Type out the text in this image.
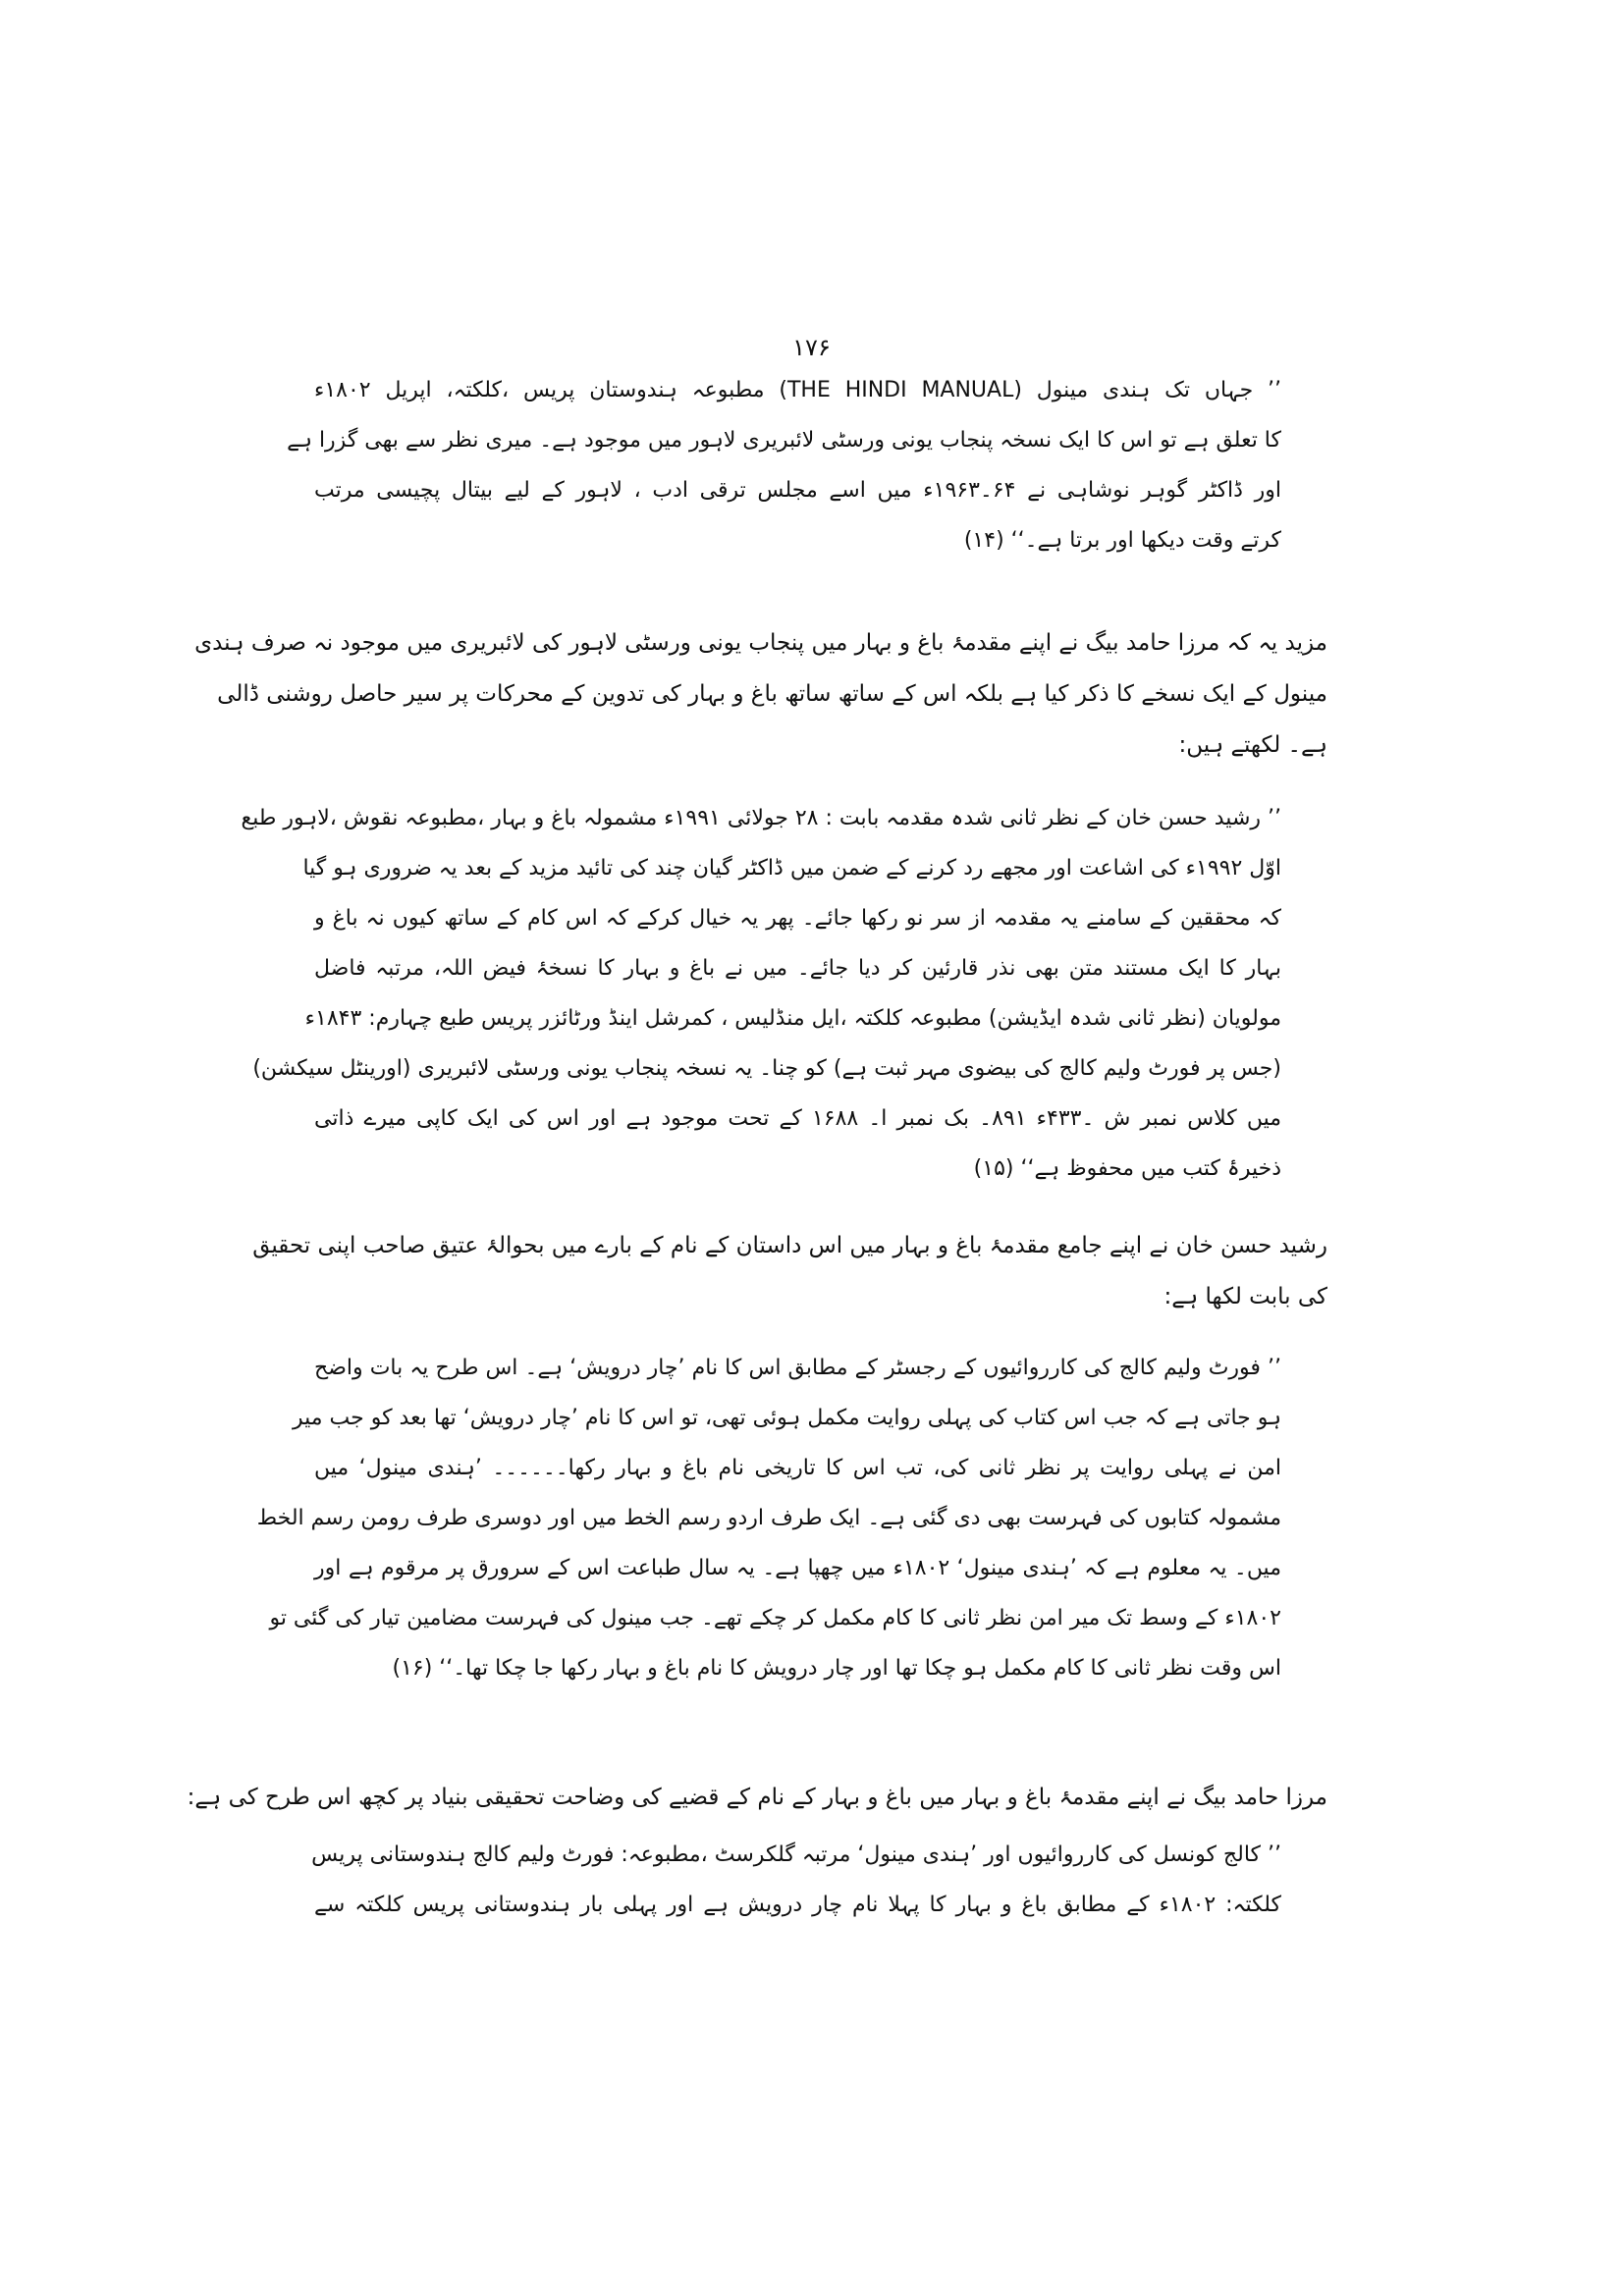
۱۷۶
’’ جہاں تک ہندی مینول (THE HINDI MANUAL) مطبوعہ ہندوستان پریس ،کلکتہ، اپریل ۱۸۰۲ء
کا تعلق ہے تو اس کا ایک نسخہ پنجاب یونی ورسٹی لائبریری لاہور میں موجود ہے۔ میری نظر سے بھی گزرا ہے
اور ڈاکٹر گوہر نوشاہی نے ۶۴۔۱۹۶۳ء میں اسے مجلس ترقی ادب ، لاہور کے لیے بیتال پچیسی مرتب
کرتے وقت دیکھا اور برتا ہے۔‘‘ (۱۴)
مزید یہ کہ مرزا حامد بیگ نے اپنے مقدمۂ باغ و بہار میں پنجاب یونی ورسٹی لاہور کی لائبریری میں موجود نہ صرف ہندی
مینول کے ایک نسخے کا ذکر کیا ہے بلکہ اس کے ساتھ ساتھ باغ و بہار کی تدوین کے محرکات پر سیر حاصل روشنی ڈالی
ہے۔ لکھتے ہیں:
’’ رشید حسن خان کے نظر ثانی شدہ مقدمہ بابت : ۲۸ جولائی ۱۹۹۱ء مشمولہ باغ و بہار ،مطبوعہ نقوش ،لاہور طبع
اوّل ۱۹۹۲ء کی اشاعت اور مجھے رد کرنے کے ضمن میں ڈاکٹر گیان چند کی تائید مزید کے بعد یہ ضروری ہو گیا
کہ محققین کے سامنے یہ مقدمہ از سر نو رکھا جائے۔ پھر یہ خیال کرکے کہ اس کام کے ساتھ کیوں نہ باغ و
بہار کا ایک مستند متن بھی نذر قارئین کر دیا جائے۔ میں نے باغ و بہار کا نسخۂ فیض اللہ، مرتبہ فاضل
مولویان (نظر ثانی شدہ ایڈیشن) مطبوعہ کلکتہ ،ایل منڈلیس ، کمرشل اینڈ ورٹائزر پریس طبع چہارم: ۱۸۴۳ء
(جس پر فورٹ ولیم کالج کی بیضوی مہر ثبت ہے) کو چنا۔ یہ نسخہ پنجاب یونی ورسٹی لائبریری (اورینٹل سیکشن)
میں کلاس نمبر ش ۔۴۳۳ء ۸۹۱۔ بک نمبر ا۔ ۱۶۸۸ کے تحت موجود ہے اور اس کی ایک کاپی میرے ذاتی
ذخیرۂ کتب میں محفوظ ہے‘‘ (۱۵)
رشید حسن خان نے اپنے جامع مقدمۂ باغ و بہار میں اس داستان کے نام کے بارے میں بحوالۂ عتیق صاحب اپنی تحقیق
کی بابت لکھا ہے:
’’ فورٹ ولیم کالج کی کارروائیوں کے رجسٹر کے مطابق اس کا نام ’چار درویش‘ ہے۔ اس طرح یہ بات واضح
ہو جاتی ہے کہ جب اس کتاب کی پہلی روایت مکمل ہوئی تھی، تو اس کا نام ’چار درویش‘ تھا بعد کو جب میر
امن نے پہلی روایت پر نظر ثانی کی، تب اس کا تاریخی نام باغ و بہار رکھا۔۔۔۔۔۔ ’ہندی مینول‘ میں
مشمولہ کتابوں کی فہرست بھی دی گئی ہے۔ ایک طرف اردو رسم الخط میں اور دوسری طرف رومن رسم الخط
میں۔ یہ معلوم ہے کہ ’ہندی مینول‘ ۱۸۰۲ء میں چھپا ہے۔ یہ سال طباعت اس کے سرورق پر مرقوم ہے اور
۱۸۰۲ء کے وسط تک میر امن نظر ثانی کا کام مکمل کر چکے تھے۔ جب مینول کی فہرست مضامین تیار کی گئی تو
اس وقت نظر ثانی کا کام مکمل ہو چکا تھا اور چار درویش کا نام باغ و بہار رکھا جا چکا تھا۔‘‘ (۱۶)
مرزا حامد بیگ نے اپنے مقدمۂ باغ و بہار میں باغ و بہار کے نام کے قضیے کی وضاحت تحقیقی بنیاد پر کچھ اس طرح کی ہے:
’’ کالج کونسل کی کارروائیوں اور ’ہندی مینول‘ مرتبہ گلکرسٹ ،مطبوعہ: فورٹ ولیم کالج ہندوستانی پریس
کلکتہ: ۱۸۰۲ء کے مطابق باغ و بہار کا پہلا نام چار درویش ہے اور پہلی بار ہندوستانی پریس کلکتہ سے
